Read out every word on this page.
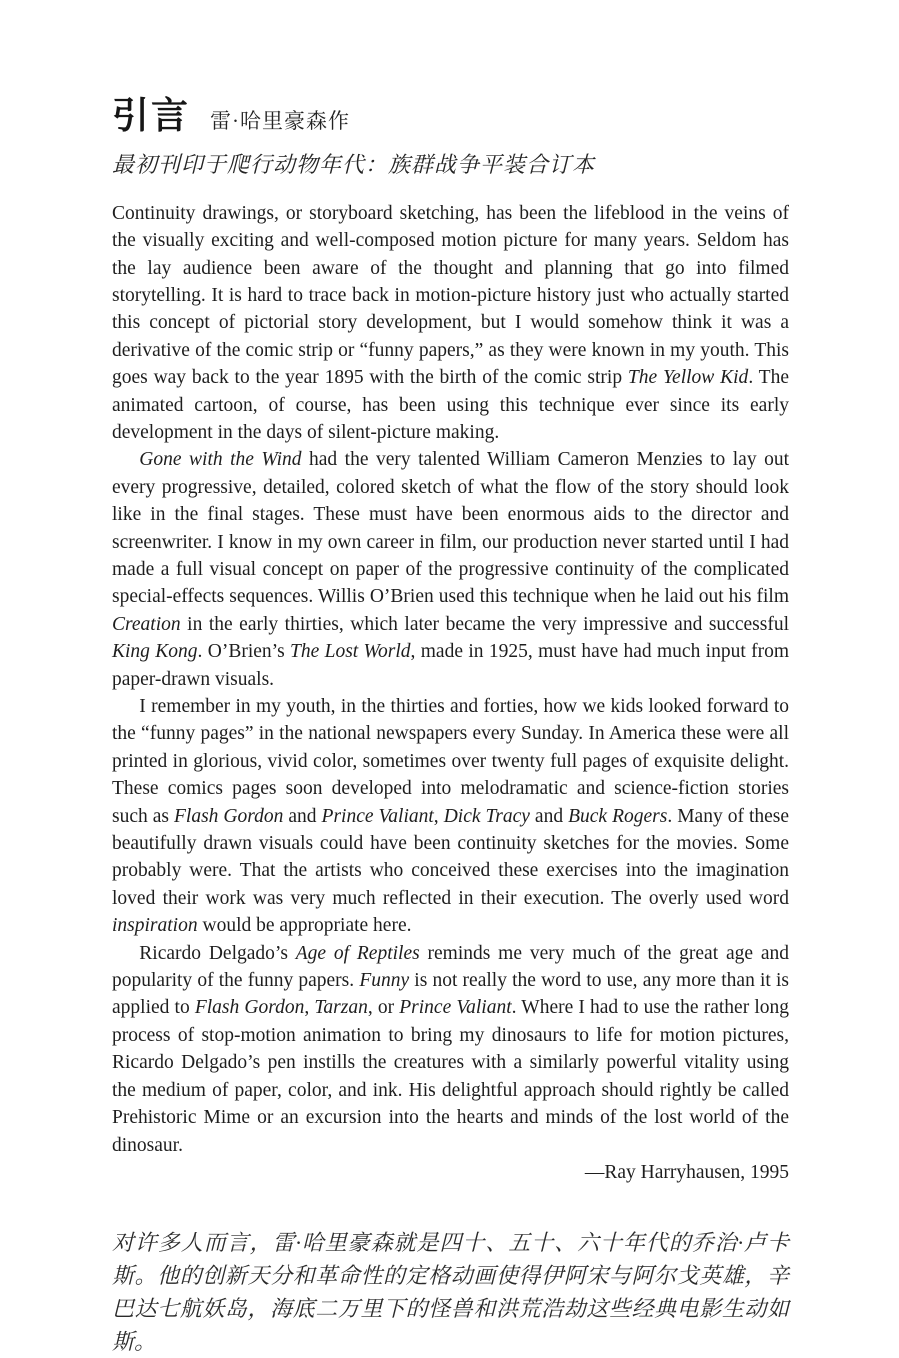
引言 雷·哈里豪森作
最初刊印于爬行动物年代：族群战争平装合订本

Continuity drawings, or storyboard sketching, has been the lifeblood in the veins of the visually exciting and well-composed motion picture for many years. Seldom has the lay audience been aware of the thought and planning that go into filmed storytelling. It is hard to trace back in motion-picture history just who actually started this concept of pictorial story development, but I would somehow think it was a derivative of the comic strip or “funny papers,” as they were known in my youth. This goes way back to the year 1895 with the birth of the comic strip The Yellow Kid. The animated cartoon, of course, has been using this technique ever since its early development in the days of silent-picture making.

Gone with the Wind had the very talented William Cameron Menzies to lay out every progressive, detailed, colored sketch of what the flow of the story should look like in the final stages. These must have been enormous aids to the director and screenwriter. I know in my own career in film, our production never started until I had made a full visual concept on paper of the progressive continuity of the complicated special-effects sequences. Willis O’Brien used this technique when he laid out his film Creation in the early thirties, which later became the very impressive and successful King Kong. O’Brien’s The Lost World, made in 1925, must have had much input from paper-drawn visuals.

I remember in my youth, in the thirties and forties, how we kids looked forward to the “funny pages” in the national newspapers every Sunday. In America these were all printed in glorious, vivid color, sometimes over twenty full pages of exquisite delight. These comics pages soon developed into melodramatic and science-fiction stories such as Flash Gordon and Prince Valiant, Dick Tracy and Buck Rogers. Many of these beautifully drawn visuals could have been continuity sketches for the movies. Some probably were. That the artists who conceived these exercises into the imagination loved their work was very much reflected in their execution. The overly used word inspiration would be appropriate here.

Ricardo Delgado’s Age of Reptiles reminds me very much of the great age and popularity of the funny papers. Funny is not really the word to use, any more than it is applied to Flash Gordon, Tarzan, or Prince Valiant. Where I had to use the rather long process of stop-motion animation to bring my dinosaurs to life for motion pictures, Ricardo Delgado’s pen instills the creatures with a similarly powerful vitality using the medium of paper, color, and ink. His delightful approach should rightly be called Prehistoric Mime or an excursion into the hearts and minds of the lost world of the dinosaur.

—Ray Harryhausen, 1995
对许多人而言，雷·哈里豪森就是四十、五十、六十年代的乔治·卢卡斯。他的创新天分和革命性的定格动画使得伊阿宋与阿尔戈英雄，辛巴达七航妖岛，海底二万里下的怪兽和洪荒浩劫这些经典电影生动如斯。
